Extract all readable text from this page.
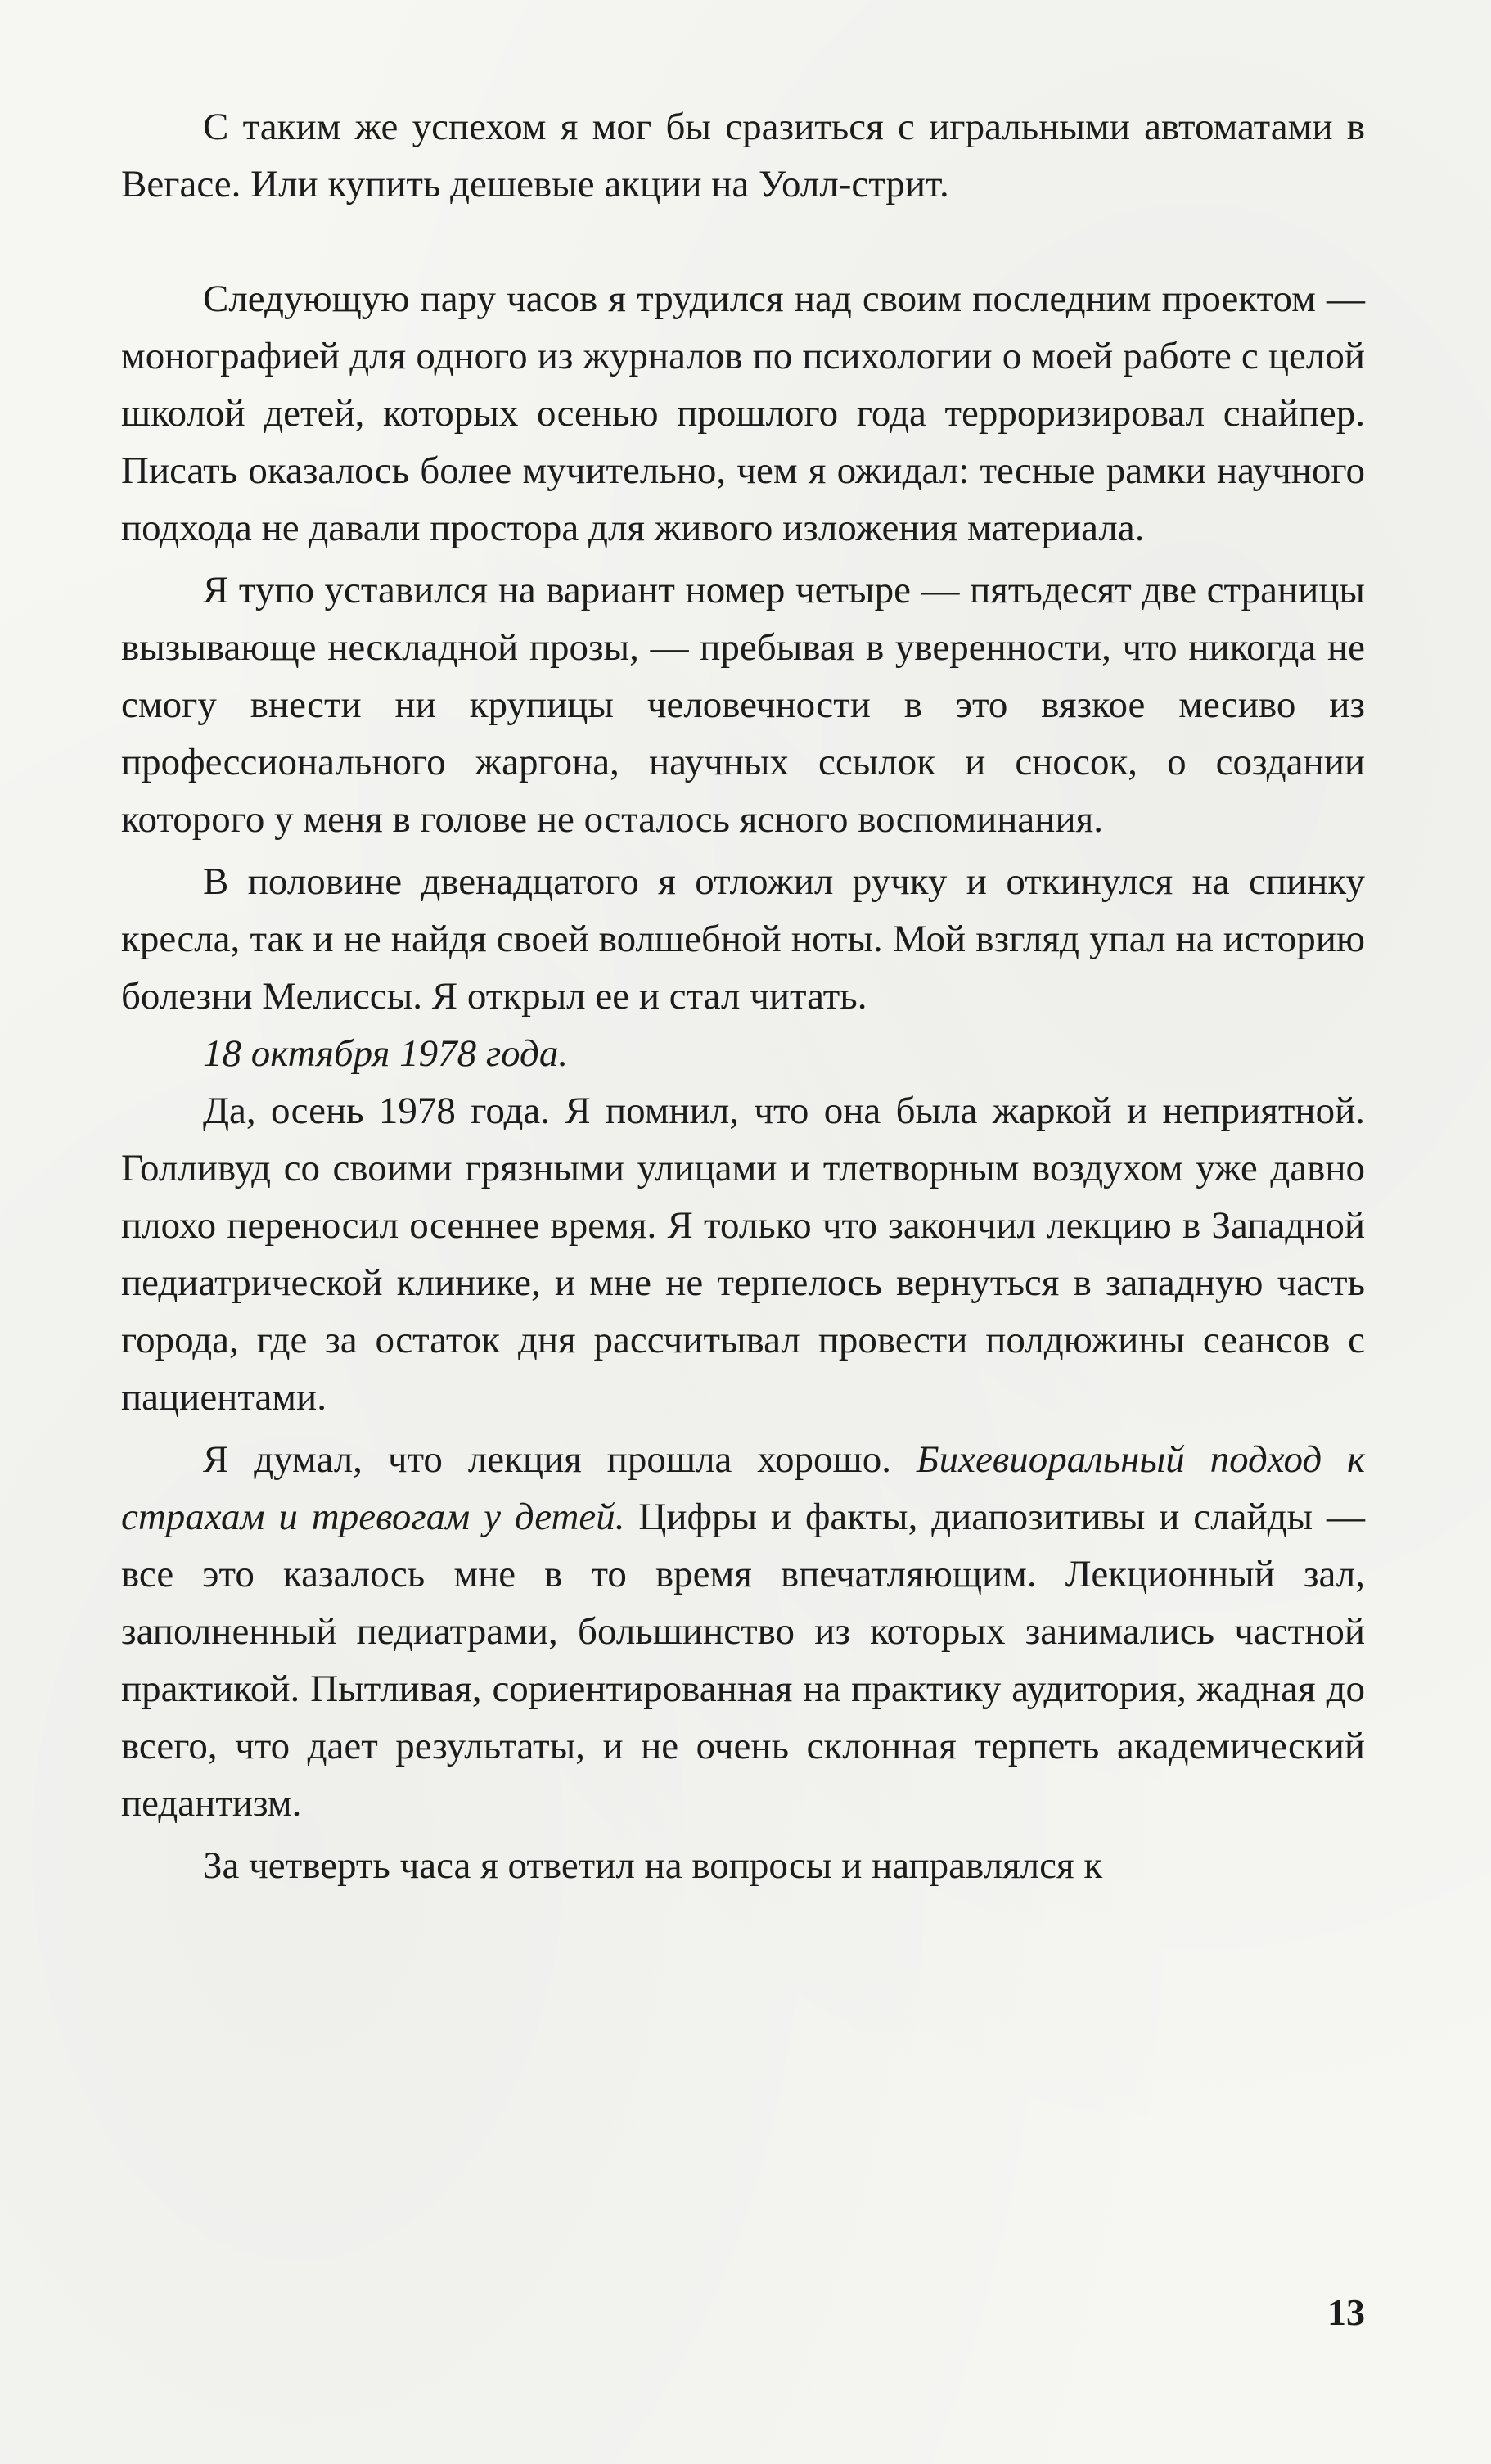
С таким же успехом я мог бы сразиться с игральными автоматами в Вегасе. Или купить дешевые акции на Уолл-стрит.

Следующую пару часов я трудился над своим последним проектом — монографией для одного из журналов по психологии о моей работе с целой школой детей, которых осенью прошлого года терроризировал снайпер. Писать оказалось более мучительно, чем я ожидал: тесные рамки научного подхода не давали простора для живого изложения материала.

Я тупо уставился на вариант номер четыре — пятьдесят две страницы вызывающе нескладной прозы, — пребывая в уверенности, что никогда не смогу внести ни крупицы человечности в это вязкое месиво из профессионального жаргона, научных ссылок и сносок, о создании которого у меня в голове не осталось ясного воспоминания.

В половине двенадцатого я отложил ручку и откинулся на спинку кресла, так и не найдя своей волшебной ноты. Мой взгляд упал на историю болезни Мелиссы. Я открыл ее и стал читать.

18 октября 1978 года.

Да, осень 1978 года. Я помнил, что она была жаркой и неприятной. Голливуд со своими грязными улицами и тлетворным воздухом уже давно плохо переносил осеннее время. Я только что закончил лекцию в Западной педиатрической клинике, и мне не терпелось вернуться в западную часть города, где за остаток дня рассчитывал провести полдюжины сеансов с пациентами.

Я думал, что лекция прошла хорошо. Бихевиоральный подход к страхам и тревогам у детей. Цифры и факты, диапозитивы и слайды — все это казалось мне в то время впечатляющим. Лекционный зал, заполненный педиатрами, большинство из которых занимались частной практикой. Пытливая, сориентированная на практику аудитория, жадная до всего, что дает результаты, и не очень склонная терпеть академический педантизм.

За четверть часа я ответил на вопросы и направлялся к

13
